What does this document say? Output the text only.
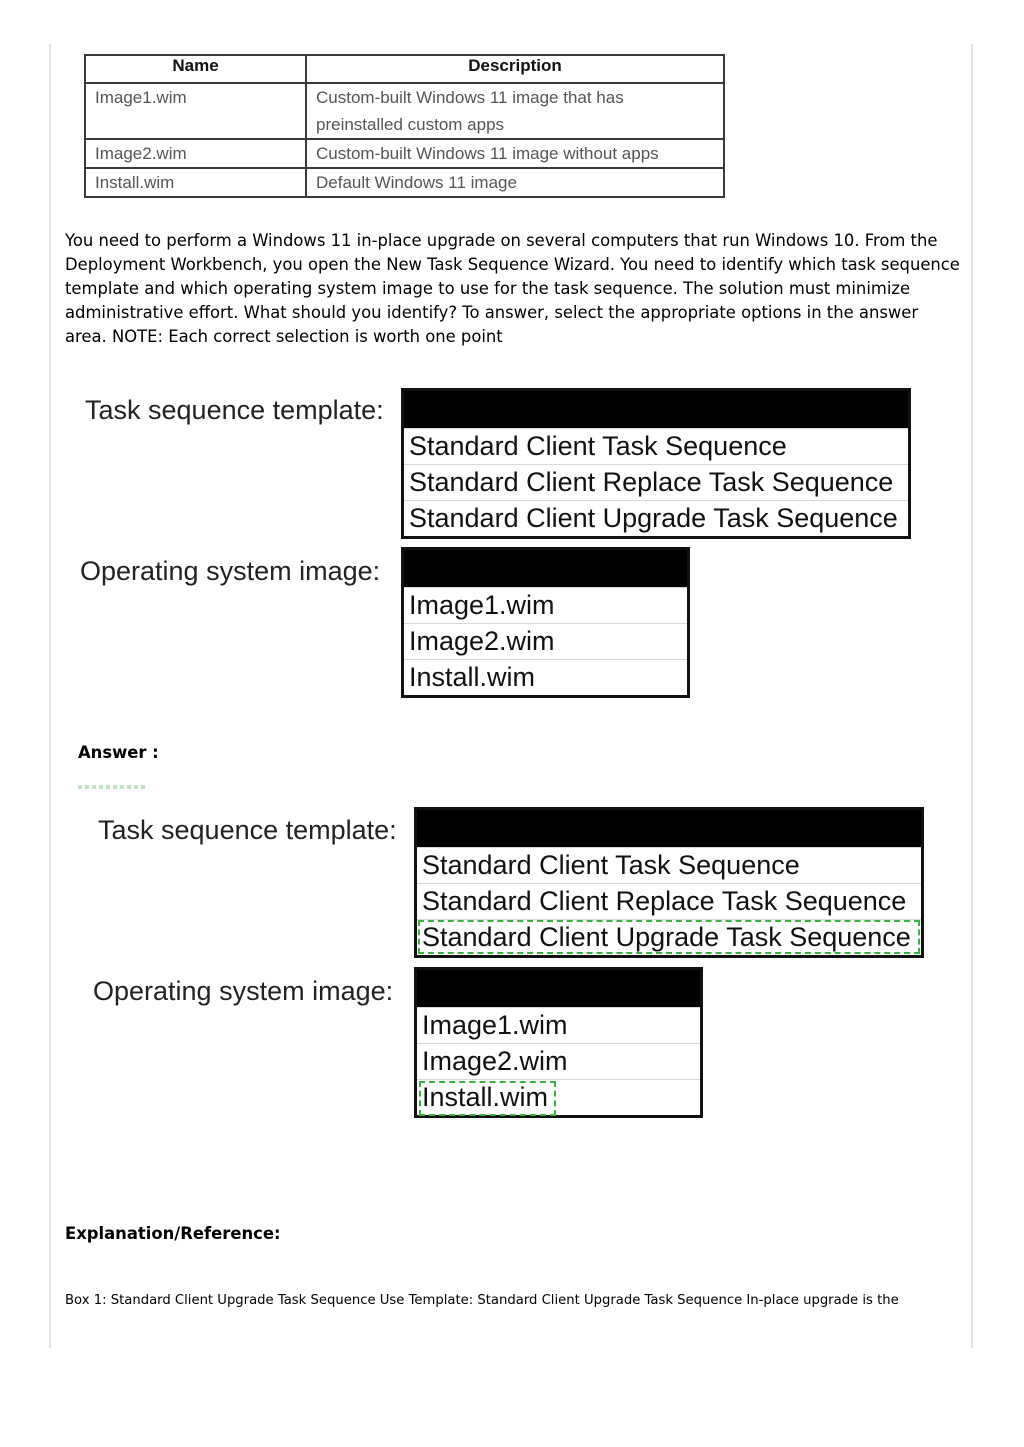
Name	Description
Image1.wim	Custom-built Windows 11 image that has preinstalled custom apps
Image2.wim	Custom-built Windows 11 image without apps
Install.wim	Default Windows 11 image
You need to perform a Windows 11 in-place upgrade on several computers that run Windows 10. From the Deployment Workbench, you open the New Task Sequence Wizard. You need to identify which task sequence template and which operating system image to use for the task sequence. The solution must minimize administrative effort. What should you identify? To answer, select the appropriate options in the answer area. NOTE: Each correct selection is worth one point
Task sequence template:
Standard Client Task Sequence
Standard Client Replace Task Sequence
Standard Client Upgrade Task Sequence
Operating system image:
Image1.wim
Image2.wim
Install.wim
Answer :
Task sequence template:
Standard Client Task Sequence
Standard Client Replace Task Sequence
Standard Client Upgrade Task Sequence
Operating system image:
Image1.wim
Image2.wim
Install.wim
Explanation/Reference:
Box 1: Standard Client Upgrade Task Sequence Use Template: Standard Client Upgrade Task Sequence In-place upgrade is the
